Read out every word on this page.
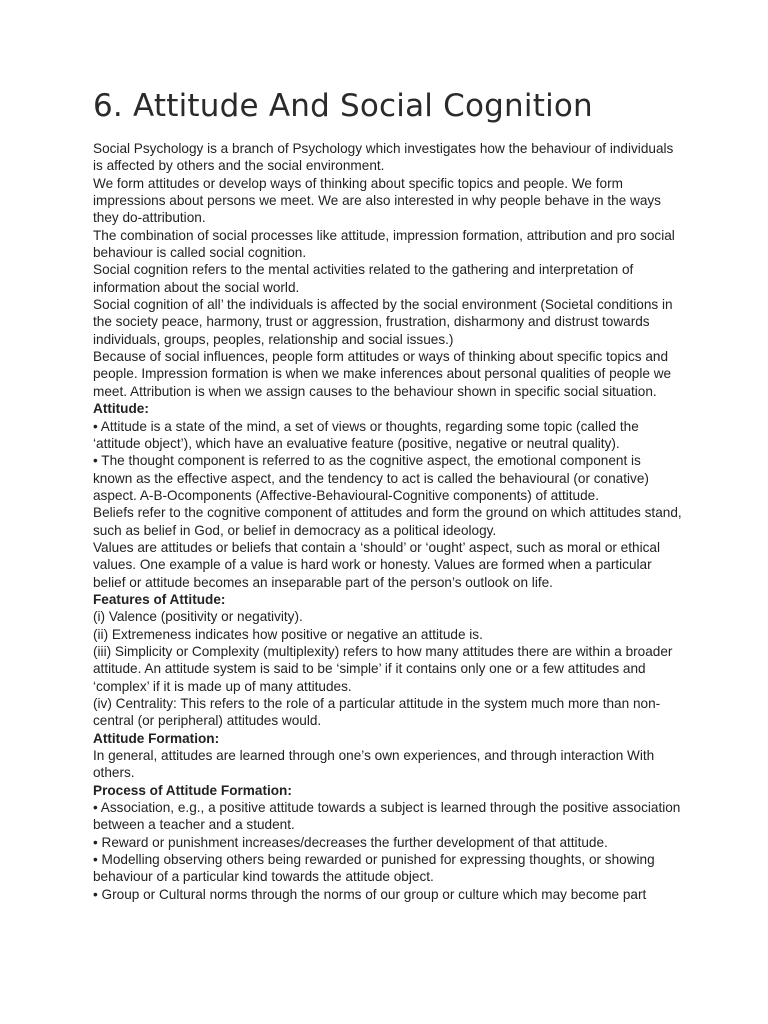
6. Attitude And Social Cognition

Social Psychology is a branch of Psychology which investigates how the behaviour of individuals is affected by others and the social environment.

We form attitudes or develop ways of thinking about specific topics and people. We form impressions about persons we meet. We are also interested in why people behave in the ways they do-attribution.

The combination of social processes like attitude, impression formation, attribution and pro social behaviour is called social cognition.

Social cognition refers to the mental activities related to the gathering and interpretation of information about the social world.

Social cognition of all’ the individuals is affected by the social environment (Societal conditions in the society peace, harmony, trust or aggression, frustration, disharmony and distrust towards individuals, groups, peoples, relationship and social issues.)

Because of social influences, people form attitudes or ways of thinking about specific topics and people. Impression formation is when we make inferences about personal qualities of people we meet. Attribution is when we assign causes to the behaviour shown in specific social situation.

Attitude:

• Attitude is a state of the mind, a set of views or thoughts, regarding some topic (called the ‘attitude object’), which have an evaluative feature (positive, negative or neutral quality).

• The thought component is referred to as the cognitive aspect, the emotional component is known as the effective aspect, and the tendency to act is called the behavioural (or conative) aspect. A-B-Ocomponents (Affective-Behavioural-Cognitive components) of attitude.

Beliefs refer to the cognitive component of attitudes and form the ground on which attitudes stand, such as belief in God, or belief in democracy as a political ideology.

Values are attitudes or beliefs that contain a ‘should’ or ‘ought’ aspect, such as moral or ethical values. One example of a value is hard work or honesty. Values are formed when a particular belief or attitude becomes an inseparable part of the person’s outlook on life.

Features of Attitude:

(i) Valence (positivity or negativity).

(ii) Extremeness indicates how positive or negative an attitude is.

(iii) Simplicity or Complexity (multiplexity) refers to how many attitudes there are within a broader attitude. An attitude system is said to be ‘simple’ if it contains only one or a few attitudes and ‘complex’ if it is made up of many attitudes.

(iv) Centrality: This refers to the role of a particular attitude in the system much more than non-central (or peripheral) attitudes would.

Attitude Formation:

In general, attitudes are learned through one’s own experiences, and through interaction With others.

Process of Attitude Formation:

• Association, e.g., a positive attitude towards a subject is learned through the positive association between a teacher and a student.

• Reward or punishment increases/decreases the further development of that attitude.

• Modelling observing others being rewarded or punished for expressing thoughts, or showing behaviour of a particular kind towards the attitude object.

• Group or Cultural norms through the norms of our group or culture which may become part
